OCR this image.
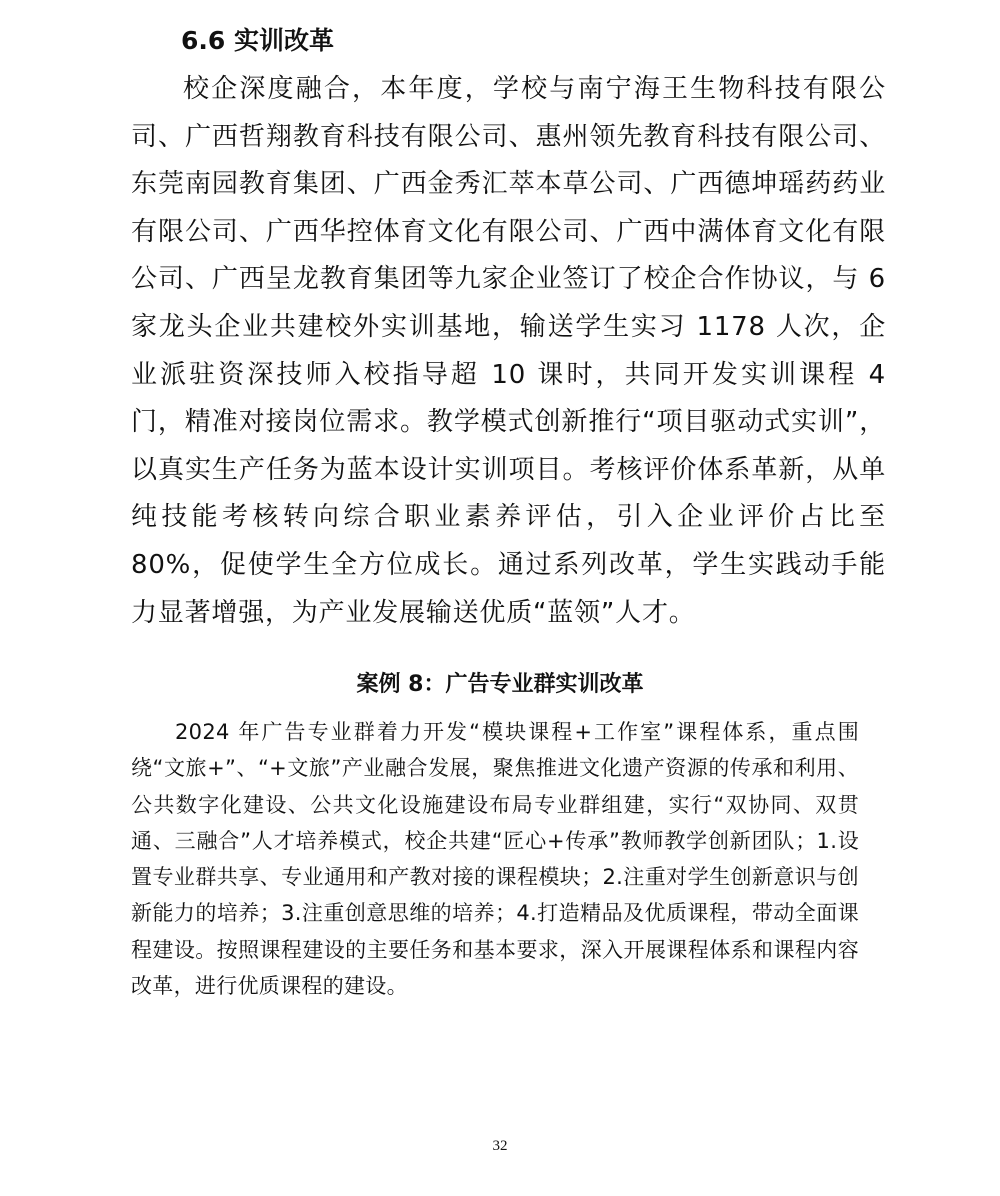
6.6 实训改革

校企深度融合，本年度，学校与南宁海王生物科技有限公司、广西哲翔教育科技有限公司、惠州领先教育科技有限公司、东莞南园教育集团、广西金秀汇萃本草公司、广西德坤瑶药药业有限公司、广西华控体育文化有限公司、广西中满体育文化有限公司、广西呈龙教育集团等九家企业签订了校企合作协议，与 6 家龙头企业共建校外实训基地，输送学生实习 1178 人次，企业派驻资深技师入校指导超 10 课时，共同开发实训课程 4 门，精准对接岗位需求。教学模式创新推行“项目驱动式实训”，以真实生产任务为蓝本设计实训项目。考核评价体系革新，从单纯技能考核转向综合职业素养评估，引入企业评价占比至 80%，促使学生全方位成长。通过系列改革，学生实践动手能力显著增强，为产业发展输送优质“蓝领”人才。

案例 8：广告专业群实训改革

2024 年广告专业群着力开发“模块课程+工作室”课程体系，重点围绕“文旅+”、“+文旅”产业融合发展，聚焦推进文化遗产资源的传承和利用、公共数字化建设、公共文化设施建设布局专业群组建，实行“双协同、双贯通、三融合”人才培养模式，校企共建“匠心+传承”教师教学创新团队；1.设置专业群共享、专业通用和产教对接的课程模块；2.注重对学生创新意识与创新能力的培养；3.注重创意思维的培养；4.打造精品及优质课程，带动全面课程建设。按照课程建设的主要任务和基本要求，深入开展课程体系和课程内容改革，进行优质课程的建设。

32
